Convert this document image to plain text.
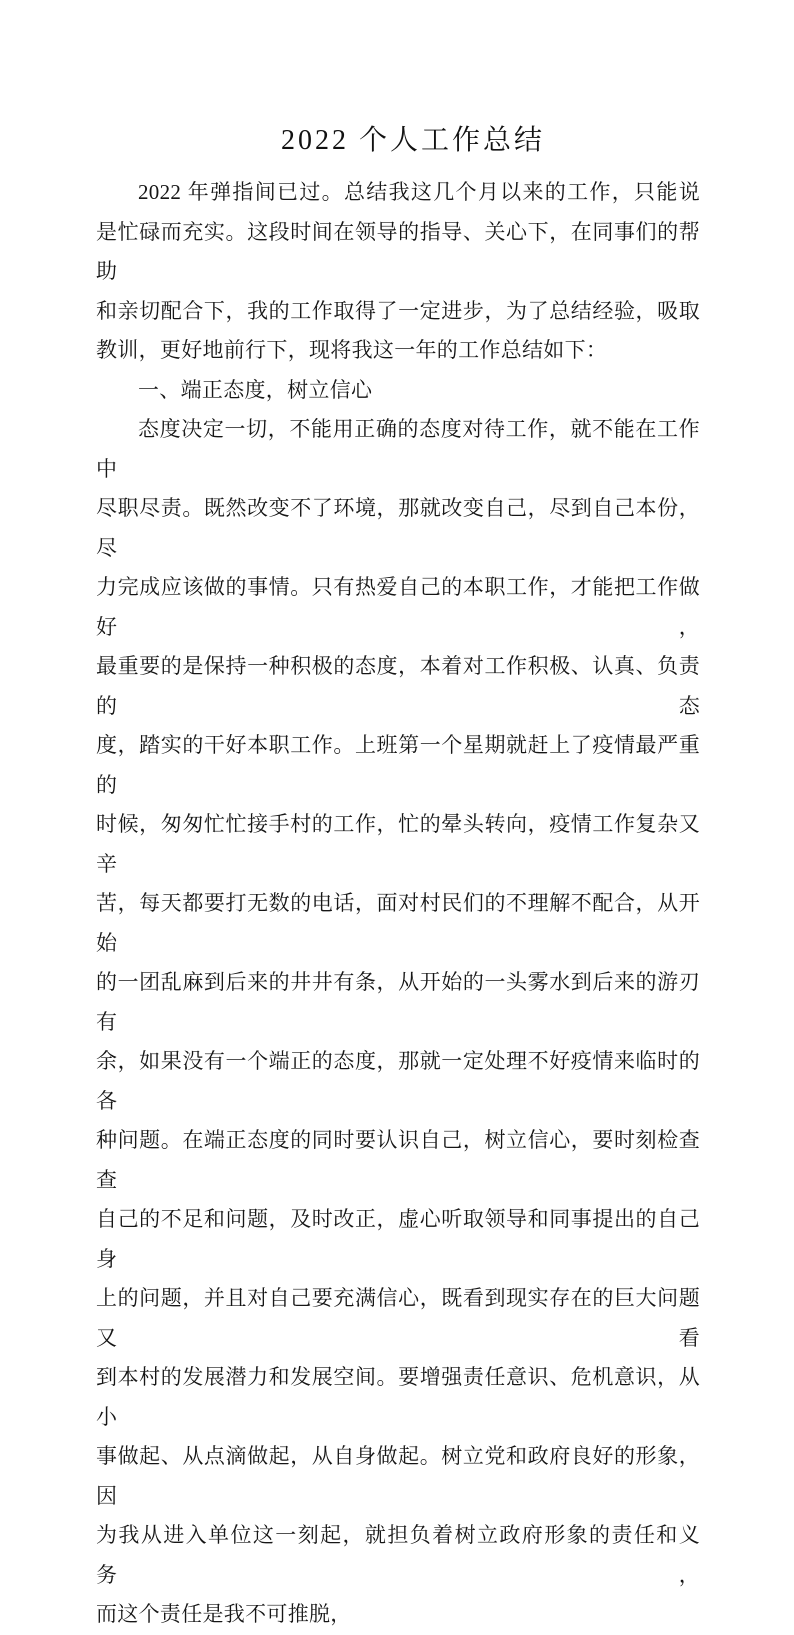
2022 个人工作总结
2022 年弹指间已过。总结我这几个月以来的工作，只能说
是忙碌而充实。这段时间在领导的指导、关心下，在同事们的帮 助
和亲切配合下，我的工作取得了一定进步，为了总结经验，吸取
教训，更好地前行下，现将我这一年的工作总结如下：
一、端正态度，树立信心
态度决定一切，不能用正确的态度对待工作，就不能在工作中
尽职尽责。既然改变不了环境，那就改变自己，尽到自己本份， 尽
力完成应该做的事情。只有热爱自己的本职工作，才能把工作做好，
最重要的是保持一种积极的态度，本着对工作积极、认真、负责的态
度，踏实的干好本职工作。上班第一个星期就赶上了疫情最严重的
时候，匆匆忙忙接手村的工作，忙的晕头转向，疫情工作复杂又辛
苦，每天都要打无数的电话，面对村民们的不理解不配合，从开始
的一团乱麻到后来的井井有条，从开始的一头雾水到后来的游刃有
余，如果没有一个端正的态度，那就一定处理不好疫情来临时的各
种问题。在端正态度的同时要认识自己，树立信心，要时刻检查查
自己的不足和问题，及时改正，虚心听取领导和同事提出的自己身
上的问题，并且对自己要充满信心，既看到现实存在的巨大问题又看
到本村的发展潜力和发展空间。要增强责任意识、危机意识，从小
事做起、从点滴做起，从自身做起。树立党和政府良好的形象，因
为我从进入单位这一刻起，就担负着树立政府形象的责任和义务，
而这个责任是我不可推脱，
